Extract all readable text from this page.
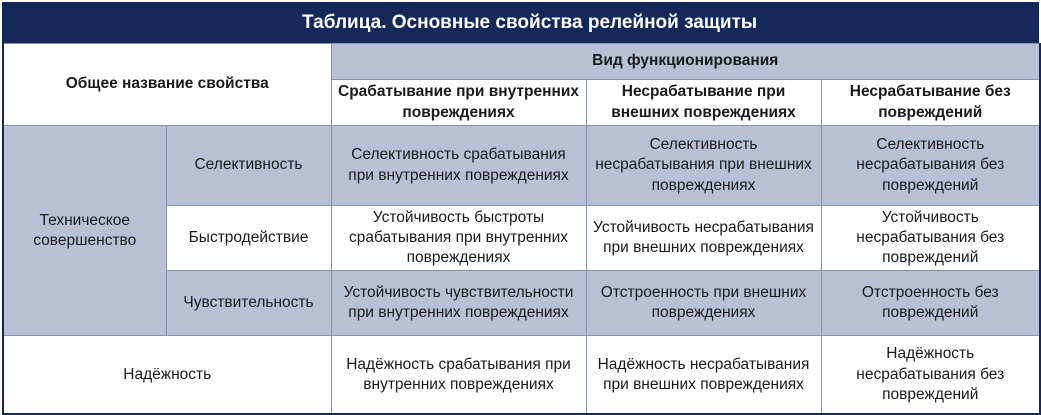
Таблица. Основные свойства релейной защиты
Общее название свойства		Вид функционирования		
		Срабатывание при внутренних повреждениях	Несрабатывание при внешних повреждениях	Несрабатывание без повреждений
Техническое совершенство	Селективность	Селективность срабатывания при внутренних повреждениях	Селективность несрабатывания при внешних повреждениях	Селективность несрабатывания без повреждений
	Быстродействие	Устойчивость быстроты срабатывания при внутренних повреждениях	Устойчивость несрабатывания при внешних повреждениях	Устойчивость несрабатывания без повреждений
	Чувствительность	Устойчивость чувствительности при внутренних повреждениях	Отстроенность при внешних повреждениях	Отстроенность без повреждений
Надёжность		Надёжность срабатывания при внутренних повреждениях	Надёжность несрабатывания при внешних повреждениях	Надёжность несрабатывания без повреждений
